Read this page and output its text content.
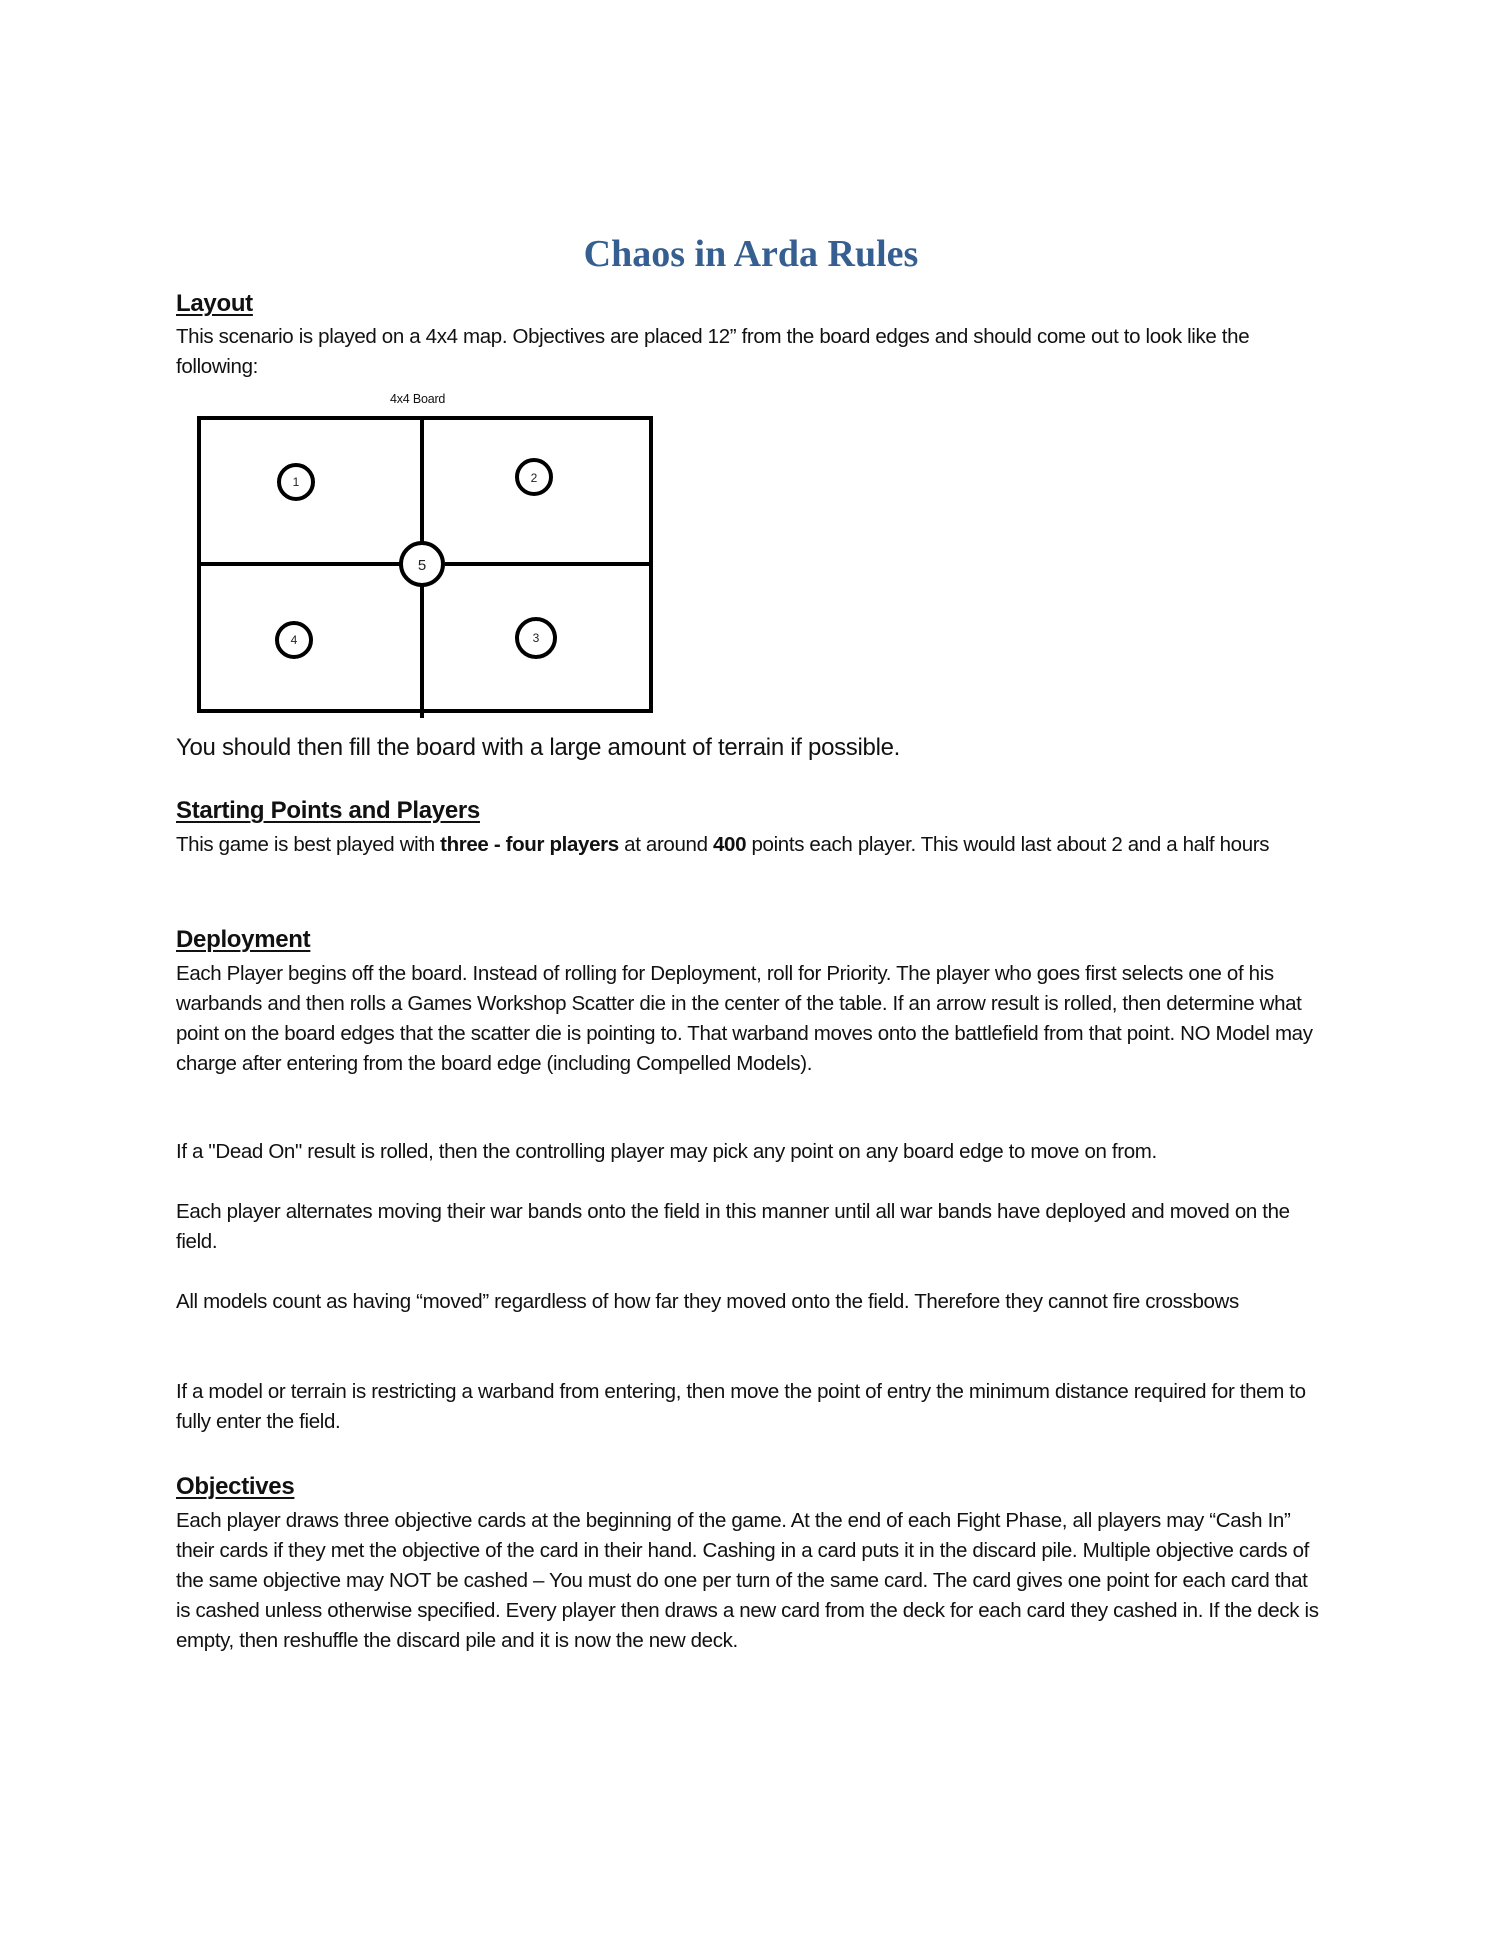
Chaos in Arda Rules
Layout

This scenario is played on a 4x4 map. Objectives are placed 12” from the board edges and should come out to look like the following:

4x4 Board
1	2
3
4
5

You should then fill the board with a large amount of terrain if possible.

Starting Points and Players

This game is best played with three - four players at around 400 points each player. This would last about 2 and a half hours

Deployment

Each Player begins off the board. Instead of rolling for Deployment, roll for Priority. The player who goes first selects one of his warbands and then rolls a Games Workshop Scatter die in the center of the table. If an arrow result is rolled, then determine what point on the board edges that the scatter die is pointing to. That warband moves onto the battlefield from that point. NO Model may charge after entering from the board edge (including Compelled Models).

If a "Dead On" result is rolled, then the controlling player may pick any point on any board edge to move on from.

Each player alternates moving their war bands onto the field in this manner until all war bands have deployed and moved on the field.

All models count as having “moved” regardless of how far they moved onto the field. Therefore they cannot fire crossbows

If a model or terrain is restricting a warband from entering, then move the point of entry the minimum distance required for them to fully enter the field.

Objectives

Each player draws three objective cards at the beginning of the game. At the end of each Fight Phase, all players may “Cash In” their cards if they met the objective of the card in their hand. Cashing in a card puts it in the discard pile. Multiple objective cards of the same objective may NOT be cashed – You must do one per turn of the same card. The card gives one point for each card that is cashed unless otherwise specified. Every player then draws a new card from the deck for each card they cashed in. If the deck is empty, then reshuffle the discard pile and it is now the new deck.
